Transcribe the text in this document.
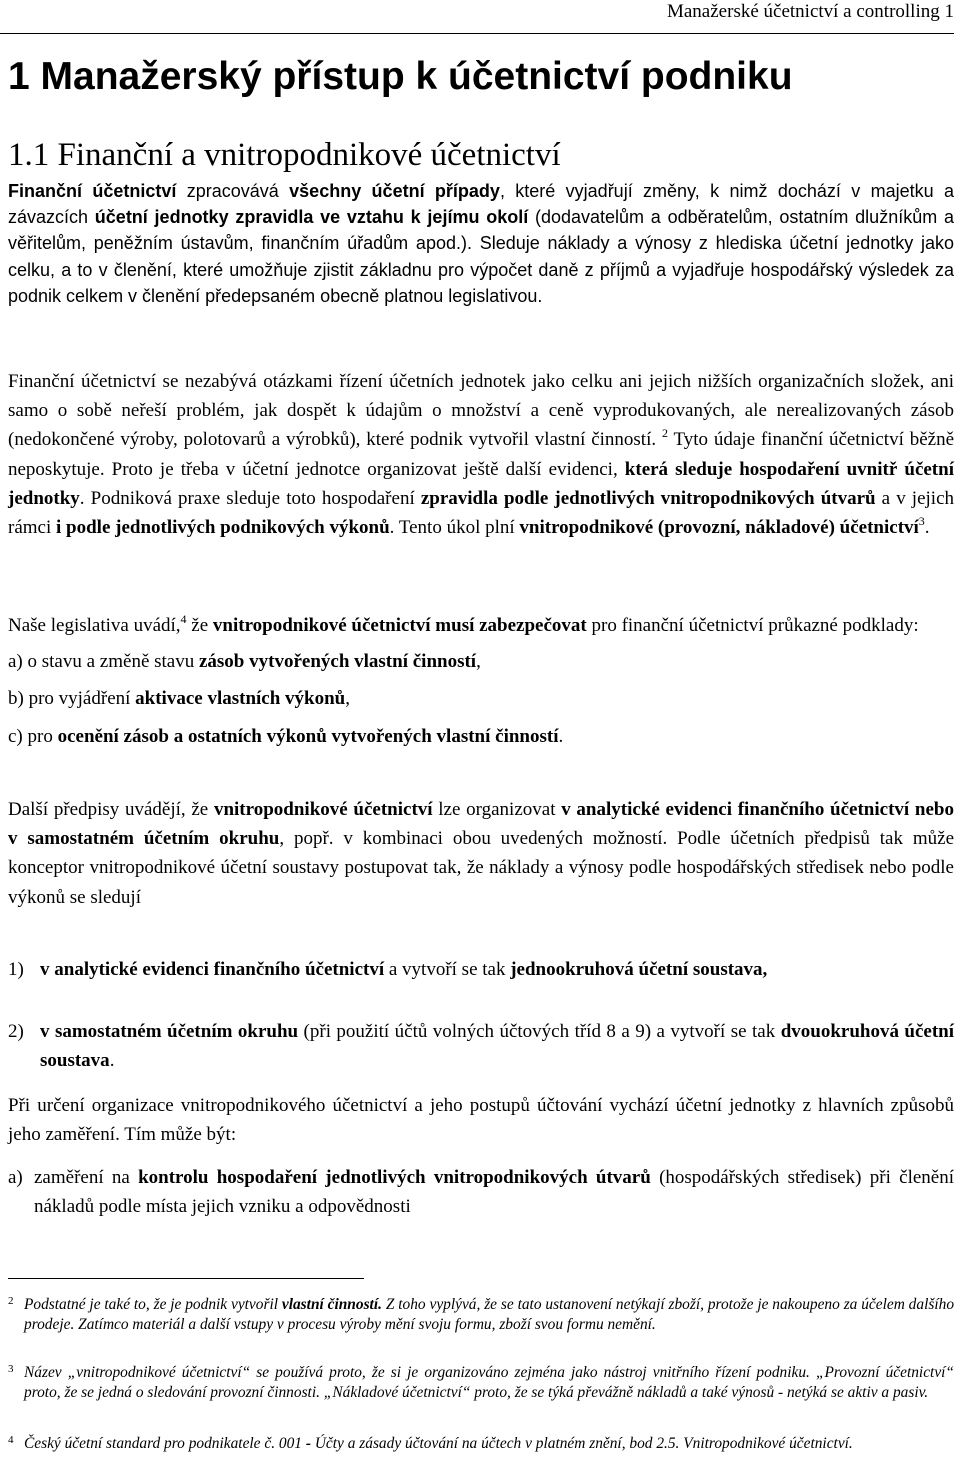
Manažerské účetnictví a controlling 1
1 Manažerský přístup k účetnictví podniku
1.1 Finanční a vnitropodnikové účetnictví

Finanční účetnictví zpracovává všechny účetní případy, které vyjadřují změny, k nimž dochází v majetku a závazcích účetní jednotky zpravidla ve vztahu k jejímu okolí (dodavatelům a odběratelům, ostatním dlužníkům a věřitelům, peněžním ústavům, finančním úřadům apod.). Sleduje náklady a výnosy z hlediska účetní jednotky jako celku, a to v členění, které umožňuje zjistit základnu pro výpočet daně z příjmů a vyjadřuje hospodářský výsledek za podnik celkem v členění předepsaném obecně platnou legislativou.

Finanční účetnictví se nezabývá otázkami řízení účetních jednotek jako celku ani jejich nižších organizačních složek, ani samo o sobě neřeší problém, jak dospět k údajům o množství a ceně vyprodukovaných, ale nerealizovaných zásob (nedokončené výroby, polotovarů a výrobků), které podnik vytvořil vlastní činností. $^2$ Tyto údaje finanční účetnictví běžně neposkytuje. Proto je třeba v účetní jednotce organizovat ještě další evidenci, která sleduje hospodaření uvnitř účetní jednotky. Podniková praxe sleduje toto hospodaření zpravidla podle jednotlivých vnitropodnikových útvarů a v jejich rámci i podle jednotlivých podnikových výkonů. Tento úkol plní vnitropodnikové (provozní, nákladové) účetnictví$^3$.

Naše legislativa uvádí,$^4$ že vnitropodnikové účetnictví musí zabezpečovat pro finanční účetnictví průkazné podklady:
a) o stavu a změně stavu zásob vytvořených vlastní činností,
b) pro vyjádření aktivace vlastních výkonů,
c) pro ocenění zásob a ostatních výkonů vytvořených vlastní činností.

Další předpisy uvádějí, že vnitropodnikové účetnictví lze organizovat v analytické evidenci finančního účetnictví nebo v samostatném účetním okruhu, popř. v kombinaci obou uvedených možností. Podle účetních předpisů tak může konceptor vnitropodnikové účetní soustavy postupovat tak, že náklady a výnosy podle hospodářských středisek nebo podle výkonů se sledují

1) v analytické evidenci finančního účetnictví a vytvoří se tak jednookruhová účetní soustava,
2) v samostatném účetním okruhu (při použití účtů volných účtových tříd 8 a 9) a vytvoří se tak dvouokruhová účetní soustava.

Při určení organizace vnitropodnikového účetnictví a jeho postupů účtování vychází účetní jednotky z hlavních způsobů jeho zaměření. Tím může být:

a) zaměření na kontrolu hospodaření jednotlivých vnitropodnikových útvarů (hospodářských středisek) při členění nákladů podle místa jejich vzniku a odpovědnosti

2 Podstatné je také to, že je podnik vytvořil vlastní činností. Z toho vyplývá, že se tato ustanovení netýkají zboží, protože je nakoupeno za účelem dalšího prodeje. Zatímco materiál a další vstupy v procesu výroby mění svoju formu, zboží svou formu nemění.

3 Název „vnitropodnikové účetnictví“ se používá proto, že si je organizováno zejména jako nástroj vnitřního řízení podniku. „Provozní účetnictví“ proto, že se jedná o sledování provozní činnosti. „Nákladové účetnictví“ proto, že se týká převážně nákladů a také výnosů - netýká se aktiv a pasiv.

4 Český účetní standard pro podnikatele č. 001 - Účty a zásady účtování na účtech v platném znění, bod 2.5. Vnitropodnikové účetnictví.
